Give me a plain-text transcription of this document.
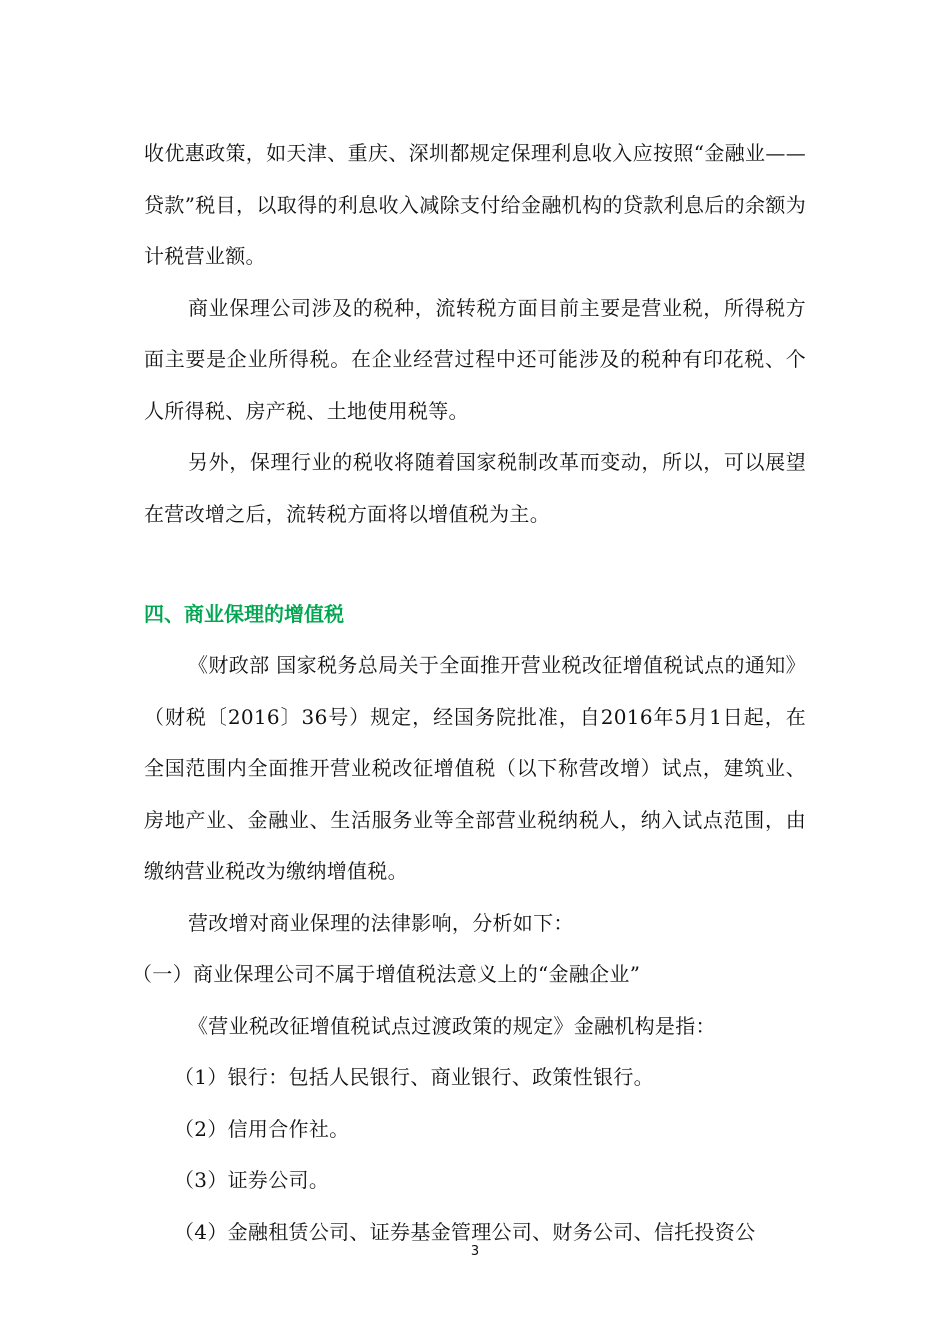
收优惠政策，如天津、重庆、深圳都规定保理利息收入应按照“金融业——贷款”税目，以取得的利息收入减除支付给金融机构的贷款利息后的余额为计税营业额。

商业保理公司涉及的税种，流转税方面目前主要是营业税，所得税方面主要是企业所得税。在企业经营过程中还可能涉及的税种有印花税、个人所得税、房产税、土地使用税等。

另外，保理行业的税收将随着国家税制改革而变动，所以，可以展望在营改增之后，流转税方面将以增值税为主。

四、商业保理的增值税

《财政部 国家税务总局关于全面推开营业税改征增值税试点的通知》（财税〔2016〕36号）规定，经国务院批准，自2016年5月1日起，在全国范围内全面推开营业税改征增值税（以下称营改增）试点，建筑业、房地产业、金融业、生活服务业等全部营业税纳税人，纳入试点范围，由缴纳营业税改为缴纳增值税。

营改增对商业保理的法律影响，分析如下：

（一）商业保理公司不属于增值税法意义上的“金融企业”

《营业税改征增值税试点过渡政策的规定》金融机构是指：

（1）银行：包括人民银行、商业银行、政策性银行。

（2）信用合作社。

（3）证券公司。

（4）金融租赁公司、证券基金管理公司、财务公司、信托投资公

3
